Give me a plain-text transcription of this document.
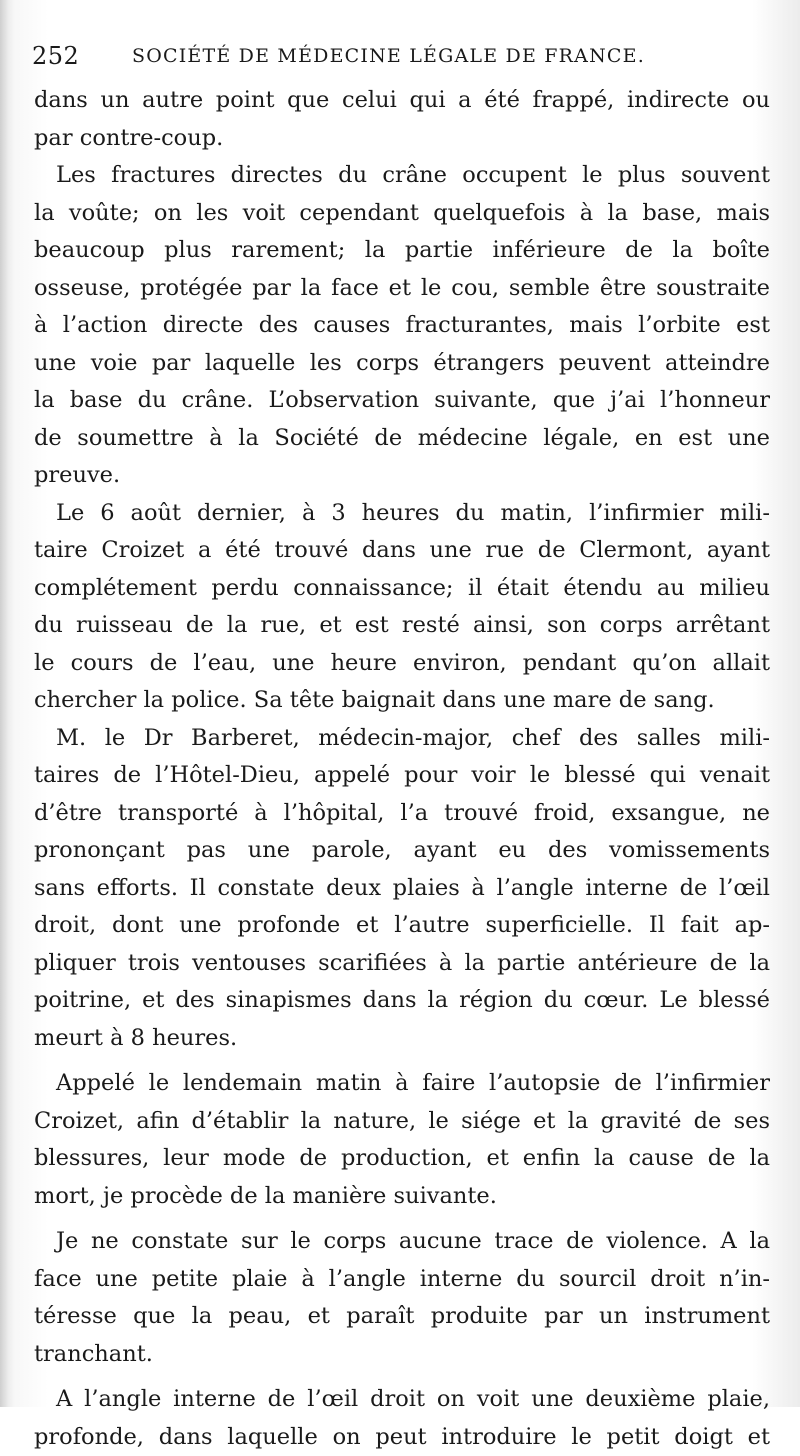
252	SOCIÉTÉ DE MÉDECINE LÉGALE DE FRANCE.
dans un autre point que celui qui a été frappé, indirecte ou
par contre-coup.
Les fractures directes du crâne occupent le plus souvent
la voûte; on les voit cependant quelquefois à la base, mais
beaucoup plus rarement; la partie inférieure de la boîte
osseuse, protégée par la face et le cou, semble être soustraite
à l’action directe des causes fracturantes, mais l’orbite est
une voie par laquelle les corps étrangers peuvent atteindre
la base du crâne. L’observation suivante, que j’ai l’honneur
de soumettre à la Société de médecine légale, en est une
preuve.
Le 6 août dernier, à 3 heures du matin, l’infirmier mili-
taire Croizet a été trouvé dans une rue de Clermont, ayant
complétement perdu connaissance; il était étendu au milieu
du ruisseau de la rue, et est resté ainsi, son corps arrêtant
le cours de l’eau, une heure environ, pendant qu’on allait
chercher la police. Sa tête baignait dans une mare de sang.
M. le Dr Barberet, médecin-major, chef des salles mili-
taires de l’Hôtel-Dieu, appelé pour voir le blessé qui venait
d’être transporté à l’hôpital, l’a trouvé froid, exsangue, ne
prononçant pas une parole, ayant eu des vomissements
sans efforts. Il constate deux plaies à l’angle interne de l’œil
droit, dont une profonde et l’autre superficielle. Il fait ap-
pliquer trois ventouses scarifiées à la partie antérieure de la
poitrine, et des sinapismes dans la région du cœur. Le blessé
meurt à 8 heures.
Appelé le lendemain matin à faire l’autopsie de l’infirmier
Croizet, afin d’établir la nature, le siége et la gravité de ses
blessures, leur mode de production, et enfin la cause de la
mort, je procède de la manière suivante.
Je ne constate sur le corps aucune trace de violence. A la
face une petite plaie à l’angle interne du sourcil droit n’in-
téresse que la peau, et paraît produite par un instrument
tranchant.
A l’angle interne de l’œil droit on voit une deuxième plaie,
profonde, dans laquelle on peut introduire le petit doigt et
